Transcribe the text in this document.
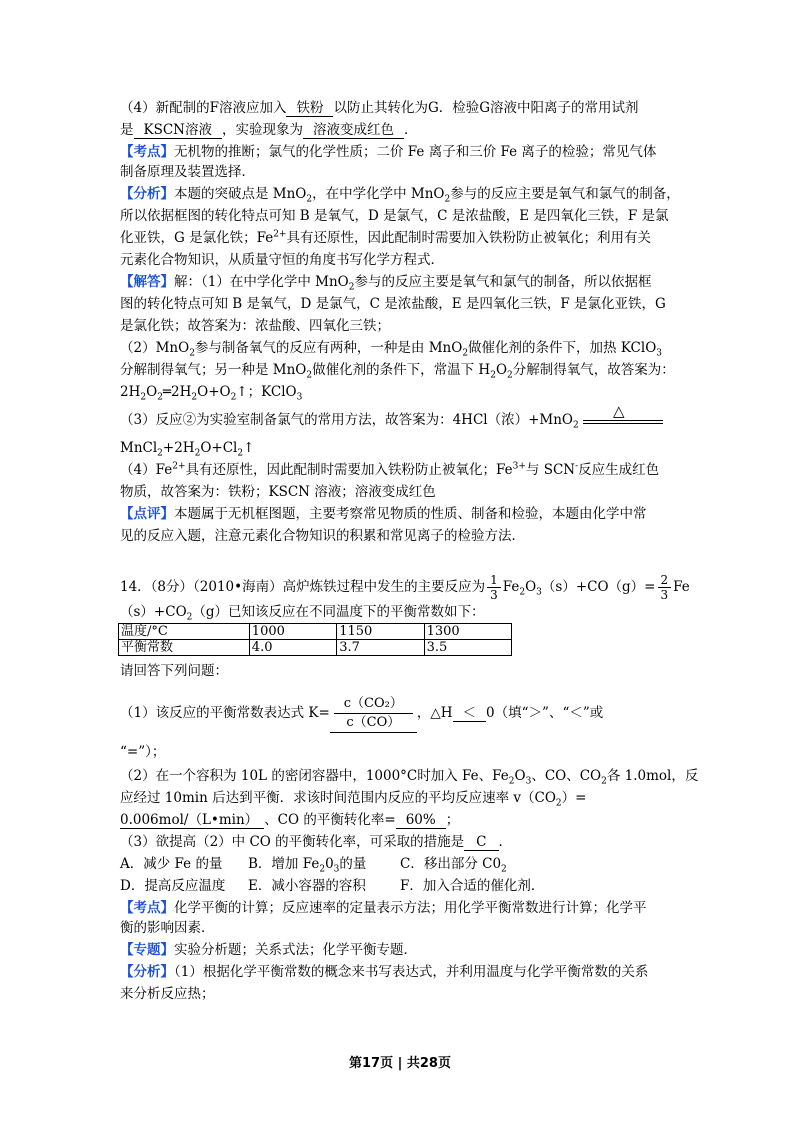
（4）新配制的F溶液应加入 铁粉 以防止其转化为G．检验G溶液中阳离子的常用试剂
是 KSCN溶液 ，实验现象为 溶液变成红色 ．
【考点】无机物的推断；氯气的化学性质；二价 Fe 离子和三价 Fe 离子的检验；常见气体
制备原理及装置选择．
【分析】本题的突破点是 MnO$_2$，在中学化学中 MnO$_2$参与的反应主要是氧气和氯气的制备，
所以依据框图的转化特点可知 B 是氧气，D 是氯气，C 是浓盐酸，E 是四氧化三铁，F 是氯
化亚铁，G 是氯化铁；$Fe^{2+}$具有还原性，因此配制时需要加入铁粉防止被氧化；利用有关
元素化合物知识，从质量守恒的角度书写化学方程式．
【解答】解：（1）在中学化学中 MnO$_2$参与的反应主要是氧气和氯气的制备，所以依据框
图的转化特点可知 B 是氧气，D 是氯气，C 是浓盐酸，E 是四氧化三铁，F 是氯化亚铁，G
是氯化铁；故答案为：浓盐酸、四氧化三铁；
（2）MnO$_2$参与制备氧气的反应有两种，一种是由 MnO$_2$做催化剂的条件下，加热 KClO$_3$
分解制得氧气；另一种是 MnO$_2$做催化剂的条件下，常温下 $H_2O_2$分解制得氧气，故答案为：
$2H_2O_2═2H_2O+O_2↑$；KClO$_3$
（3）反应②为实验室制备氯气的常用方法，故答案为：4HCl（浓）+MnO$_2$
△
$MnCl_2+2H_2O+Cl_2↑$
$(4)Fe^{2+}$具有还原性，因此配制时需要加入铁粉防止被氧化；$Fe^{3+}$与 SCN-反应生成红色
物质，故答案为：铁粉；KSCN 溶液；溶液变成红色
【点评】本题属于无机框图题，主要考察常见物质的性质、制备和检验，本题由化学中常
见的反应入题，注意元素化合物知识的积累和常见离子的检验方法．
14．（8分）（2010•海南）高炉炼铁过程中发生的主要反应为 $\frac{1}{3} Fe_2O_3(s)+CO(g)= \frac{2}{3}$ Fe
$(s)+CO_2(g)$已知该反应在不同温度下的平衡常数如下：
温度/°C	1000	1150	1300
平衡常数	4.0	3.7	3.5
请回答下列问题：
（1）该反应的平衡常数表达式 $K= \frac{\text{c（CO₂）}}{c(CO)}$ ，△H ＜ 0（填“＞”、“＜”或
“=”）；
（2）在一个容积为 10L 的密闭容器中，1000°C时加入 Fe、$Fe_2O_3$、CO、$CO_2$各 1.0mol，反
应经过 10min 后达到平衡．求该时间范围内反应的平均反应速率 $v(CO_2)=$
0.006mol/（L•min） 、CO 的平衡转化率= 60% ；
（3）欲提高（2）中 CO 的平衡转化率，可采取的措施是 C ．
A．减少 Fe 的量 B．增加 $Fe_20_3$的量 C．移出部分 $C0_2$
D．提高反应温度 E．减小容器的容积	F．加入合适的催化剂．
【考点】化学平衡的计算；反应速率的定量表示方法；用化学平衡常数进行计算；化学平
衡的影响因素．
【专题】实验分析题；关系式法；化学平衡专题．
【分析】（1）根据化学平衡常数的概念来书写表达式，并利用温度与化学平衡常数的关系
来分析反应热；
第17页 | 共28页
